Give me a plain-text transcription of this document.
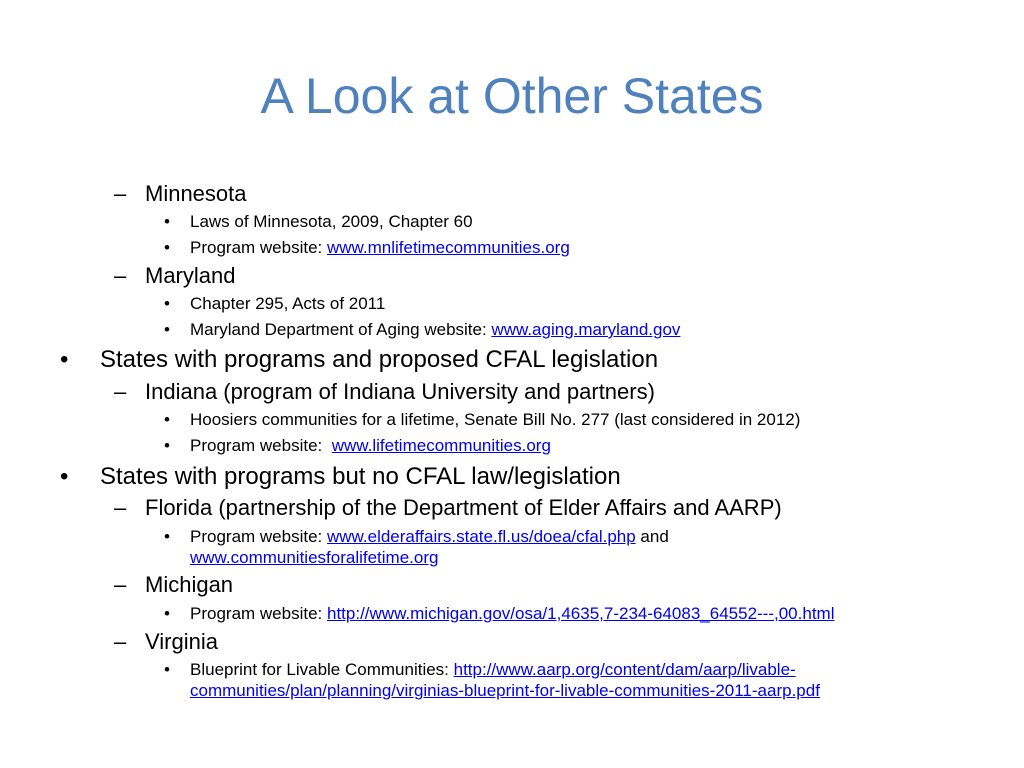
A Look at Other States
– Minnesota
• Laws of Minnesota, 2009, Chapter 60
• Program website: www.mnlifetimecommunities.org
– Maryland
• Chapter 295, Acts of 2011
• Maryland Department of Aging website: www.aging.maryland.gov
• States with programs and proposed CFAL legislation
– Indiana (program of Indiana University and partners)
• Hoosiers communities for a lifetime, Senate Bill No. 277 (last considered in 2012)
• Program website:  www.lifetimecommunities.org
• States with programs but no CFAL law/legislation
– Florida (partnership of the Department of Elder Affairs and AARP)
• Program website: www.elderaffairs.state.fl.us/doea/cfal.php and
www.communitiesforalifetime.org
– Michigan
• Program website: http://www.michigan.gov/osa/1,4635,7-234-64083_64552---,00.html
– Virginia
• Blueprint for Livable Communities: http://www.aarp.org/content/dam/aarp/livable-
communities/plan/planning/virginias-blueprint-for-livable-communities-2011-aarp.pdf
